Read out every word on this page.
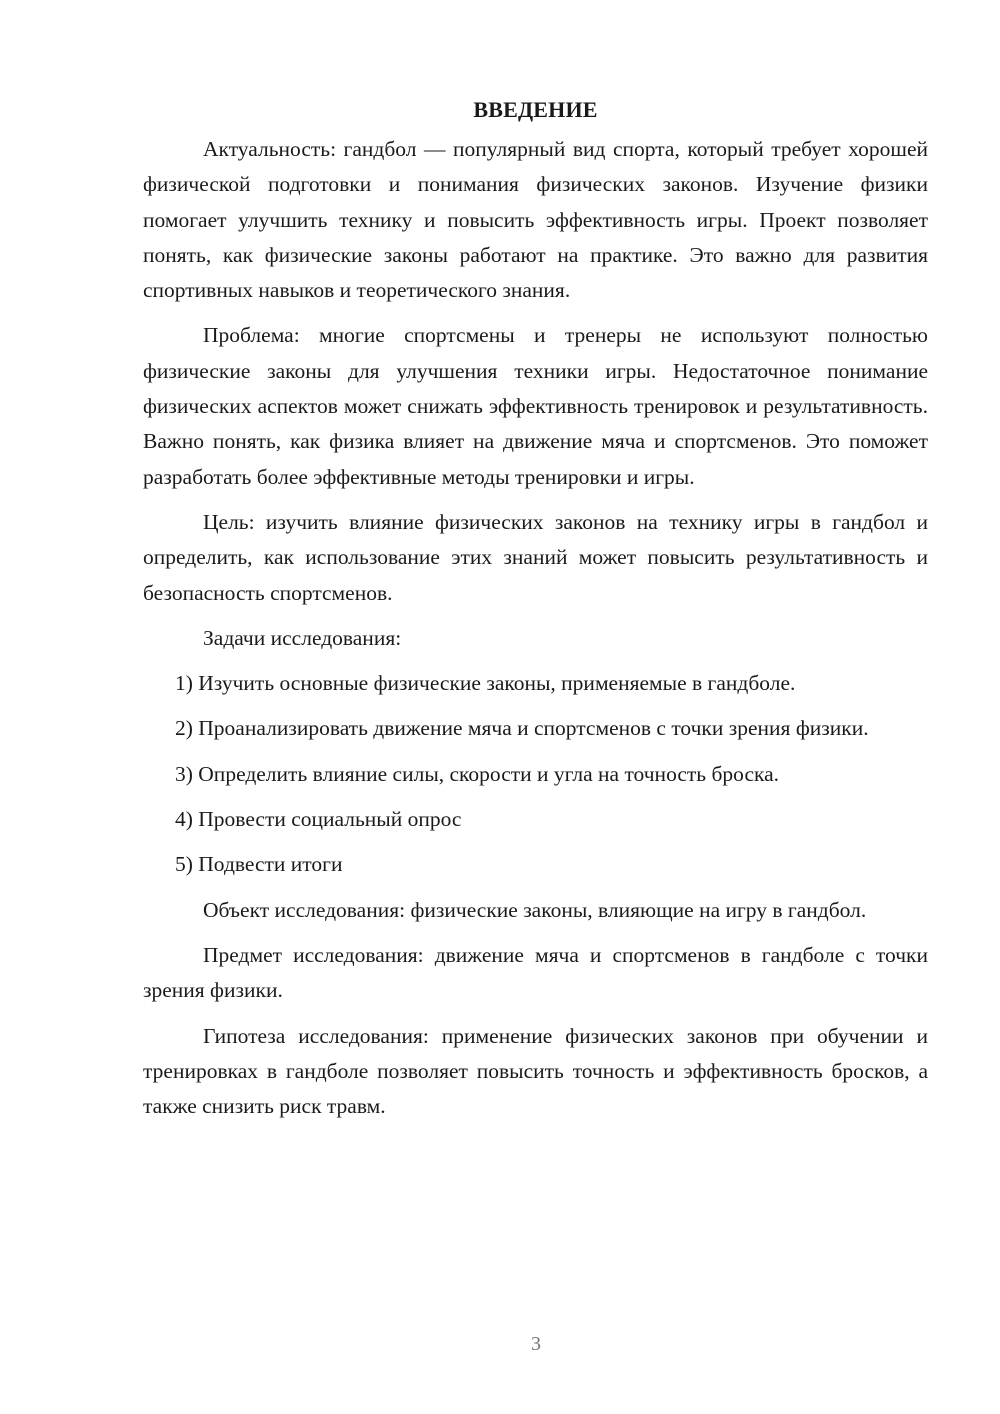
ВВЕДЕНИЕ

Актуальность: гандбол — популярный вид спорта, который требует хорошей физической подготовки и понимания физических законов. Изучение физики помогает улучшить технику и повысить эффективность игры. Проект позволяет понять, как физические законы работают на практике. Это важно для развития спортивных навыков и теоретического знания.

Проблема: многие спортсмены и тренеры не используют полностью физические законы для улучшения техники игры. Недостаточное понимание физических аспектов может снижать эффективность тренировок и результативность. Важно понять, как физика влияет на движение мяча и спортсменов. Это поможет разработать более эффективные методы тренировки и игры.

Цель: изучить влияние физических законов на технику игры в гандбол и определить, как использование этих знаний может повысить результативность и безопасность спортсменов.

Задачи исследования:

1) Изучить основные физические законы, применяемые в гандболе.

2) Проанализировать движение мяча и спортсменов с точки зрения физики.

3) Определить влияние силы, скорости и угла на точность броска.

4) Провести социальный опрос

5) Подвести итоги

Объект исследования: физические законы, влияющие на игру в гандбол.

Предмет исследования: движение мяча и спортсменов в гандболе с точки зрения физики.

Гипотеза исследования: применение физических законов при обучении и тренировках в гандболе позволяет повысить точность и эффективность бросков, а также снизить риск травм.

3
